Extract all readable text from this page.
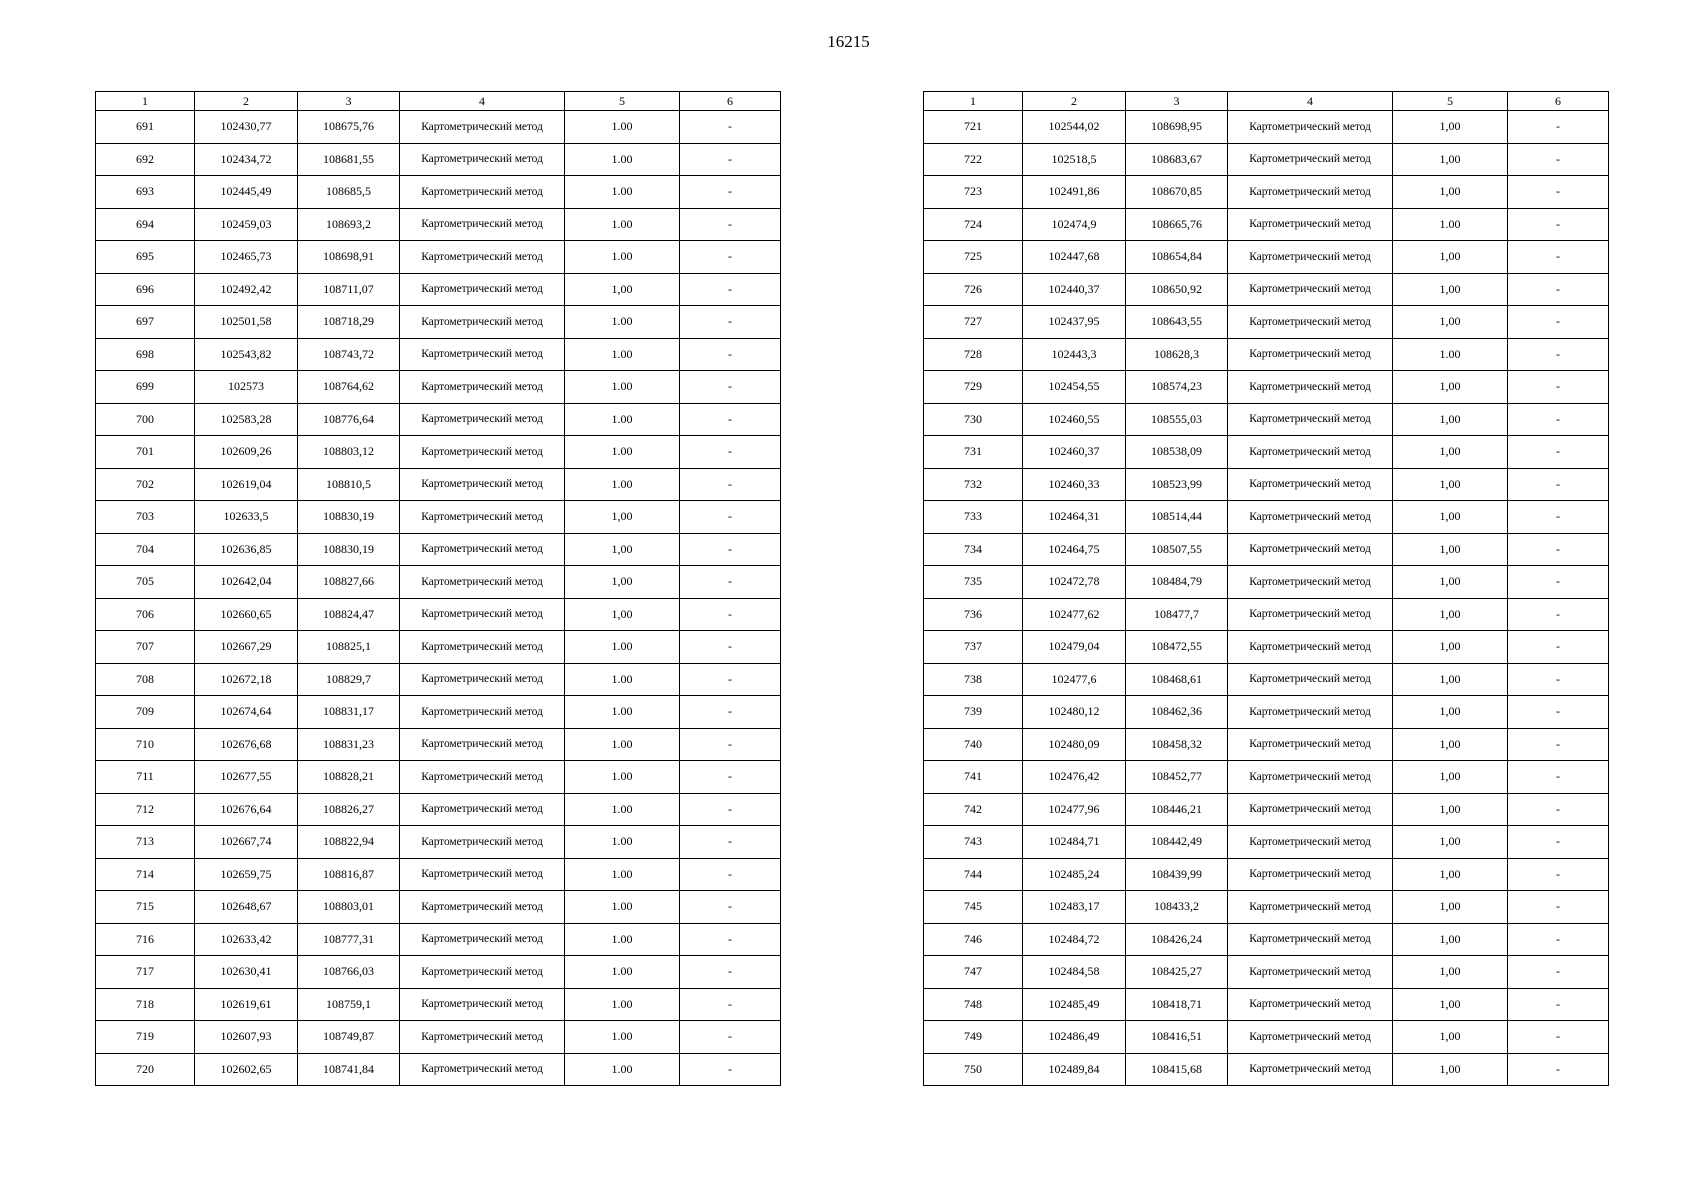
16215
1	2	3	4	5	6
691	102430,77	108675,76	Картометрический метод	1.00	-
692	102434,72	108681,55	Картометрический метод	1.00	-
693	102445,49	108685,5	Картометрический метод	1.00	-
694	102459,03	108693,2	Картометрический метод	1.00	-
695	102465,73	108698,91	Картометрический метод	1.00	-
696	102492,42	108711,07	Картометрический метод	1,00	-
697	102501,58	108718,29	Картометрический метод	1.00	-
698	102543,82	108743,72	Картометрический метод	1.00	-
699	102573	108764,62	Картометрический метод	1.00	-
700	102583,28	108776,64	Картометрический метод	1.00	-
701	102609,26	108803,12	Картометрический метод	1.00	-
702	102619,04	108810,5	Картометрический метод	1.00	-
703	102633,5	108830,19	Картометрический метод	1,00	-
704	102636,85	108830,19	Картометрический метод	1,00	-
705	102642,04	108827,66	Картометрический метод	1,00	-
706	102660,65	108824,47	Картометрический метод	1,00	-
707	102667,29	108825,1	Картометрический метод	1.00	-
708	102672,18	108829,7	Картометрический метод	1.00	-
709	102674,64	108831,17	Картометрический метод	1.00	-
710	102676,68	108831,23	Картометрический метод	1.00	-
711	102677,55	108828,21	Картометрический метод	1.00	-
712	102676,64	108826,27	Картометрический метод	1.00	-
713	102667,74	108822,94	Картометрический метод	1.00	-
714	102659,75	108816,87	Картометрический метод	1.00	-
715	102648,67	108803,01	Картометрический метод	1.00	-
716	102633,42	108777,31	Картометрический метод	1.00	-
717	102630,41	108766,03	Картометрический метод	1.00	-
718	102619,61	108759,1	Картометрический метод	1.00	-
719	102607,93	108749,87	Картометрический метод	1.00	-
720	102602,65	108741,84	Картометрический метод	1.00	-
1	2	3	4	5	6
721	102544,02	108698,95	Картометрический метод	1,00	-
722	102518,5	108683,67	Картометрический метод	1,00	-
723	102491,86	108670,85	Картометрический метод	1,00	-
724	102474,9	108665,76	Картометрический метод	1.00	-
725	102447,68	108654,84	Картометрический метод	1,00	-
726	102440,37	108650,92	Картометрический метод	1,00	-
727	102437,95	108643,55	Картометрический метод	1,00	-
728	102443,3	108628,3	Картометрический метод	1.00	-
729	102454,55	108574,23	Картометрический метод	1,00	-
730	102460,55	108555,03	Картометрический метод	1,00	-
731	102460,37	108538,09	Картометрический метод	1,00	-
732	102460,33	108523,99	Картометрический метод	1,00	-
733	102464,31	108514,44	Картометрический метод	1,00	-
734	102464,75	108507,55	Картометрический метод	1,00	-
735	102472,78	108484,79	Картометрический метод	1,00	-
736	102477,62	108477,7	Картометрический метод	1,00	-
737	102479,04	108472,55	Картометрический метод	1,00	-
738	102477,6	108468,61	Картометрический метод	1,00	-
739	102480,12	108462,36	Картометрический метод	1,00	-
740	102480,09	108458,32	Картометрический метод	1,00	-
741	102476,42	108452,77	Картометрический метод	1,00	-
742	102477,96	108446,21	Картометрический метод	1,00	-
743	102484,71	108442,49	Картометрический метод	1,00	-
744	102485,24	108439,99	Картометрический метод	1,00	-
745	102483,17	108433,2	Картометрический метод	1,00	-
746	102484,72	108426,24	Картометрический метод	1,00	-
747	102484,58	108425,27	Картометрический метод	1,00	-
748	102485,49	108418,71	Картометрический метод	1,00	-
749	102486,49	108416,51	Картометрический метод	1,00	-
750	102489,84	108415,68	Картометрический метод	1,00	-
